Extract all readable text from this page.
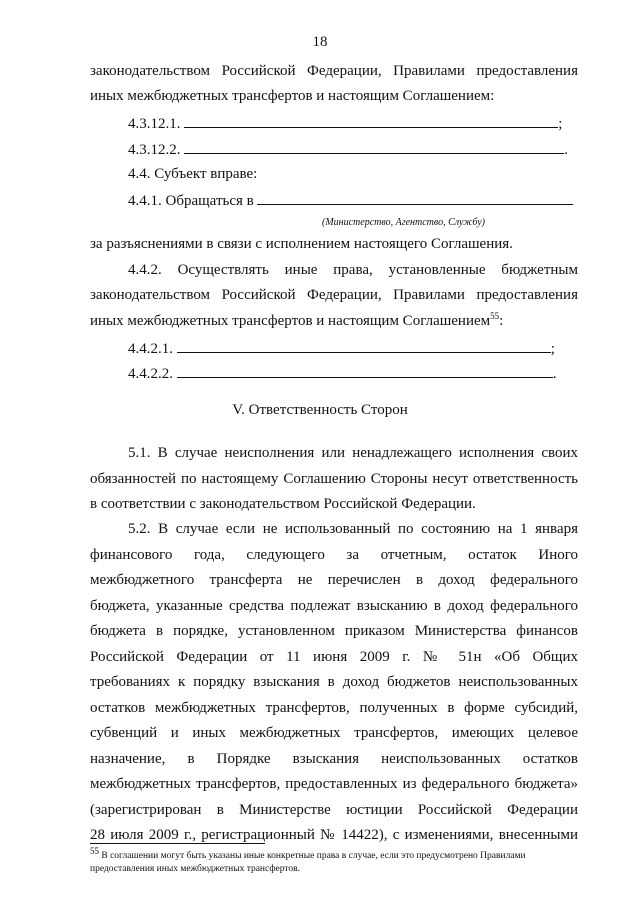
18
законодательством Российской Федерации, Правилами предоставления
иных межбюджетных трансфертов и настоящим Соглашением:
4.3.12.1.	;
4.3.12.2.	.
4.4. Субъект вправе:
4.4.1. Обращаться в
(Министерство, Агентство, Службу)
за разъяснениями в связи с исполнением настоящего Соглашения.
4.4.2. Осуществлять иные права, установленные бюджетным
законодательством Российской Федерации, Правилами предоставления
иных межбюджетных трансфертов и настоящим Соглашением$^{55}$:
4.4.2.1.	;
4.4.2.2.	.
V. Ответственность Сторон
5.1. В случае неисполнения или ненадлежащего исполнения своих
обязанностей по настоящему Соглашению Стороны несут ответственность
в соответствии с законодательством Российской Федерации.
5.2. В случае если не использованный по состоянию на 1 января
финансового года, следующего за отчетным, остаток Иного
межбюджетного трансферта не перечислен в доход федерального
бюджета, указанные средства подлежат взысканию в доход федерального
бюджета в порядке, установленном приказом Министерства финансов
Российской Федерации от 11 июня 2009 г. № 51н «Об Общих
требованиях к порядку взыскания в доход бюджетов неиспользованных
остатков межбюджетных трансфертов, полученных в форме субсидий,
субвенций и иных межбюджетных трансфертов, имеющих целевое
назначение, в Порядке взыскания неиспользованных остатков
межбюджетных трансфертов, предоставленных из федерального бюджета»
(зарегистрирован в Министерстве юстиции Российской Федерации
28 июля 2009 г., регистрационный № 14422), с изменениями, внесенными
$^{55}$ В соглашении могут быть указаны иные конкретные права в случае, если это предусмотрено Правилами
предоставления иных межбюджетных трансфертов.
